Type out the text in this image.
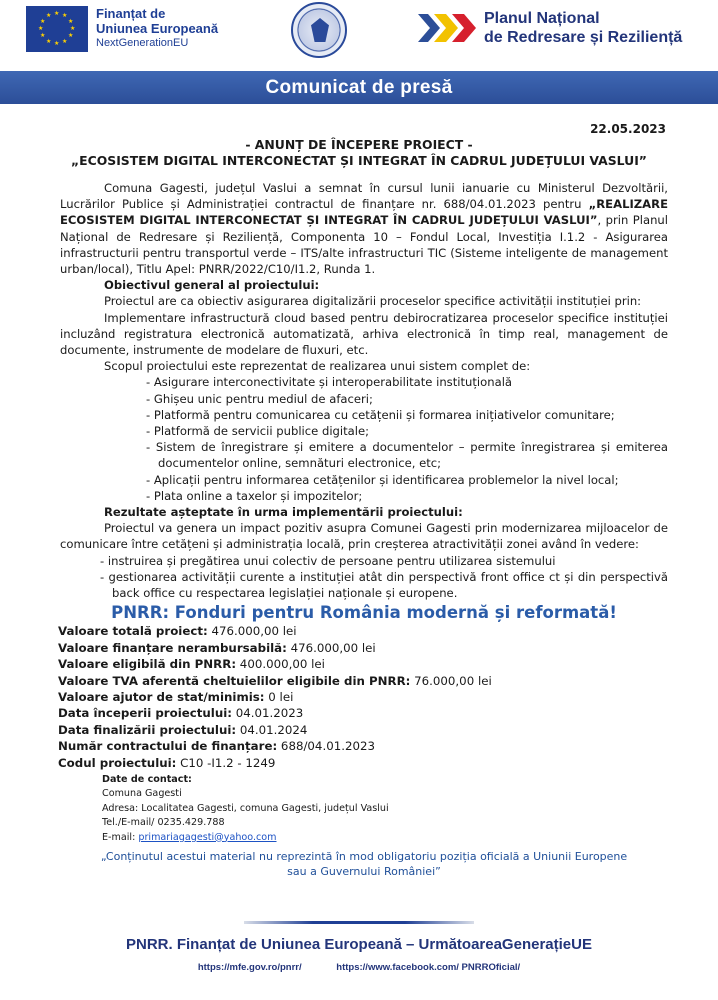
★ ★
★
★
★
★
★
★
★
★
★
★	Finanțat de
Uniunea Europeană
NextGenerationEU
Planul Național
de Redresare și Reziliență
Comunicat de presă
22.05.2023
- ANUNȚ DE ÎNCEPERE PROIECT -
„ECOSISTEM DIGITAL INTERCONECTAT ȘI INTEGRAT ÎN CADRUL JUDEȚULUI VASLUI”

Comuna Gagesti, județul Vaslui a semnat în cursul lunii ianuarie cu Ministerul Dezvoltării, Lucrărilor Publice și Administrației contractul de finanțare nr. 688/04.01.2023 pentru „REALIZARE ECOSISTEM DIGITAL INTERCONECTAT ȘI INTEGRAT ÎN CADRUL JUDEȚULUI VASLUI”, prin Planul Național de Redresare și Reziliență, Componenta 10 – Fondul Local, Investiția I.1.2 - Asigurarea infrastructurii pentru transportul verde – ITS/alte infrastructuri TIC (Sisteme inteligente de management urban/local), Titlu Apel: PNRR/2022/C10/I1.2, Runda 1.

Obiectivul general al proiectului:

Proiectul are ca obiectiv asigurarea digitalizării proceselor specifice activității instituției prin:

Implementare infrastructură cloud based pentru debirocratizarea proceselor specifice instituției incluzând registratura electronică automatizată, arhiva electronică în timp real, management de documente, instrumente de modelare de fluxuri, etc.

Scopul proiectului este reprezentat de realizarea unui sistem complet de:

- Asigurare interconectivitate și interoperabilitate instituțională
- Ghișeu unic pentru mediul de afaceri;
- Platformă pentru comunicarea cu cetățenii și formarea inițiativelor comunitare;
- Platformă de servicii publice digitale;
- Sistem de înregistrare și emitere a documentelor – permite înregistrarea și emiterea documentelor online, semnături electronice, etc;
- Aplicații pentru informarea cetățenilor și identificarea problemelor la nivel local;
- Plata online a taxelor și impozitelor;
Rezultate așteptate în urma implementării proiectului:

Proiectul va genera un impact pozitiv asupra Comunei Gagesti prin modernizarea mijloacelor de comunicare între cetățeni și administrația locală, prin creșterea atractivității zonei având în vedere:

- instruirea și pregătirea unui colectiv de persoane pentru utilizarea sistemului
- gestionarea activității curente a instituției atât din perspectivă front office ct și din perspectivă back office cu respectarea legislației naționale și europene.
PNRR: Fonduri pentru România modernă și reformată!
Valoare totală proiect: 476.000,00 lei
Valoare finanțare nerambursabilă: 476.000,00 lei
Valoare eligibilă din PNRR: 400.000,00 lei
Valoare TVA aferentă cheltuielilor eligibile din PNRR: 76.000,00 lei
Valoare ajutor de stat/minimis: 0 lei
Data începerii proiectului: 04.01.2023
Data finalizării proiectului: 04.01.2024
Număr contractului de finanțare: 688/04.01.2023
Codul proiectului: C10 -I1.2 - 1249
Date de contact:
Comuna Gagesti
Adresa: Localitatea Gagesti, comuna Gagesti, județul Vaslui
Tel./E-mail/ 0235.429.788
E-mail: primariagagesti@yahoo.com
„Conținutul acestui material nu reprezintă în mod obligatoriu poziția oficială a Uniunii Europene sau a Guvernului României”
PNRR. Finanțat de Uniunea Europeană – UrmătoareaGenerațieUE
https://mfe.gov.ro/pnrr/	https://www.facebook.com/ PNRROficial/
